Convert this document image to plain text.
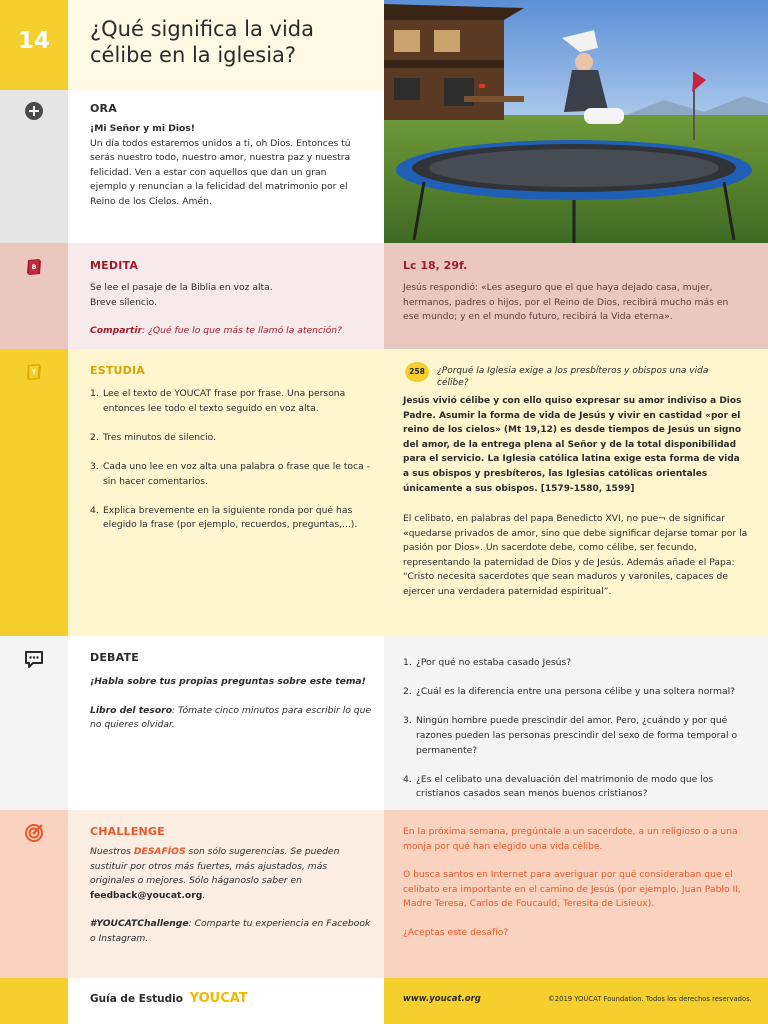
14	¿Qué significa la vida
célibe en la iglesia?
ORA
¡Mi Señor y mi Dios!
Un día todos estaremos unidos a ti, oh Dios. Entonces tú serás nuestro todo, nuestro amor, nuestra paz y nuestra felicidad. Ven a estar con aquellos que dan un gran ejemplo y renuncian a la felicidad del matrimonio por el Reino de los Cielos. Amén.
B	MEDITA
Se lee el pasaje de la Biblia en voz alta.
Breve silencio.
Compartir: ¿Qué fue lo que más te llamó la atención?
Lc 18, 29f.
Jesús respondió: «Les aseguro que el que haya dejado casa, mujer, hermanos, padres o hijos, por el Reino de Dios, recibirá mucho más en ese mundo; y en el mundo futuro, recibirá la Vida eterna».
Y	ESTUDIA
1. Lee el texto de YOUCAT frase por frase. Una persona entonces lee todo el texto seguido en voz alta.
2. Tres minutos de silencio.
3. Cada uno lee en voz alta una palabra o frase que le toca - sin hacer comentarios.
4. Explica brevemente en la siguiente ronda por qué has elegido la frase (por ejemplo, recuerdos, preguntas,...).
258	¿Porqué la Iglesia exige a los presbíteros y obispos una vida célibe?
Jesús vivió célibe y con ello quiso expresar su amor indiviso a Dios Padre. Asumir la forma de vida de Jesús y vivir en castidad «por el reino de los cielos» (Mt 19,12) es desde tiempos de Jesús un signo del amor, de la entrega plena al Señor y de la total disponibilidad para el servicio. La Iglesia católica latina exige esta forma de vida a sus obispos y presbíteros, las Iglesias católicas orientales únicamente a sus obispos. [1579-1580, 1599]
El celibato, en palabras del papa Benedicto XVI, no pue¬ de significar «quedarse privados de amor, sino que debe significar dejarse tomar por la pasión por Dios». Un sacerdote debe, como célibe, ser fecundo, representando la paternidad de Dios y de Jesús. Además añade el Papa: “Cristo necesita sacerdotes que sean maduros y varoniles, capaces de ejercer una verdadera paternidad espiritual”.
DEBATE
¡Habla sobre tus propias preguntas sobre este tema!
Libro del tesoro: Tómate cinco minutos para escribir lo que no quieres olvidar.
1. ¿Por qué no estaba casado Jesús?
2. ¿Cuál es la diferencia entre una persona célibe y una soltera normal?
3. Ningún hombre puede prescindir del amor. Pero, ¿cuándo y por qué razones pueden las personas prescindir del sexo de forma temporal o permanente?
4. ¿Es el celibato una devaluación del matrimonio de modo que los cristianos casados sean menos buenos cristianos?
CHALLENGE
Nuestros DESAFÍOS son sólo sugerencias. Se pueden sustituir por otros más fuertes, más ajustados, más originales o mejores. Sólo háganoslo saber en feedback@youcat.org.
#YOUCATChallenge: Comparte tu experiencia en Facebook o Instagram.
En la próxima semana, pregúntale a un sacerdote, a un religioso o a una monja por qué han elegido una vida célibe.
O busca santos en Internet para averiguar por qué consideraban que el celibato era importante en el camino de Jesús (por ejemplo, Juan Pablo II, Madre Teresa, Carlos de Foucauld, Teresita de Lisieux).
¿Aceptas este desafío?
Guía de Estudio YOUCAT	www.youcat.org	©2019 YOUCAT Foundation. Todos los derechos reservados.
